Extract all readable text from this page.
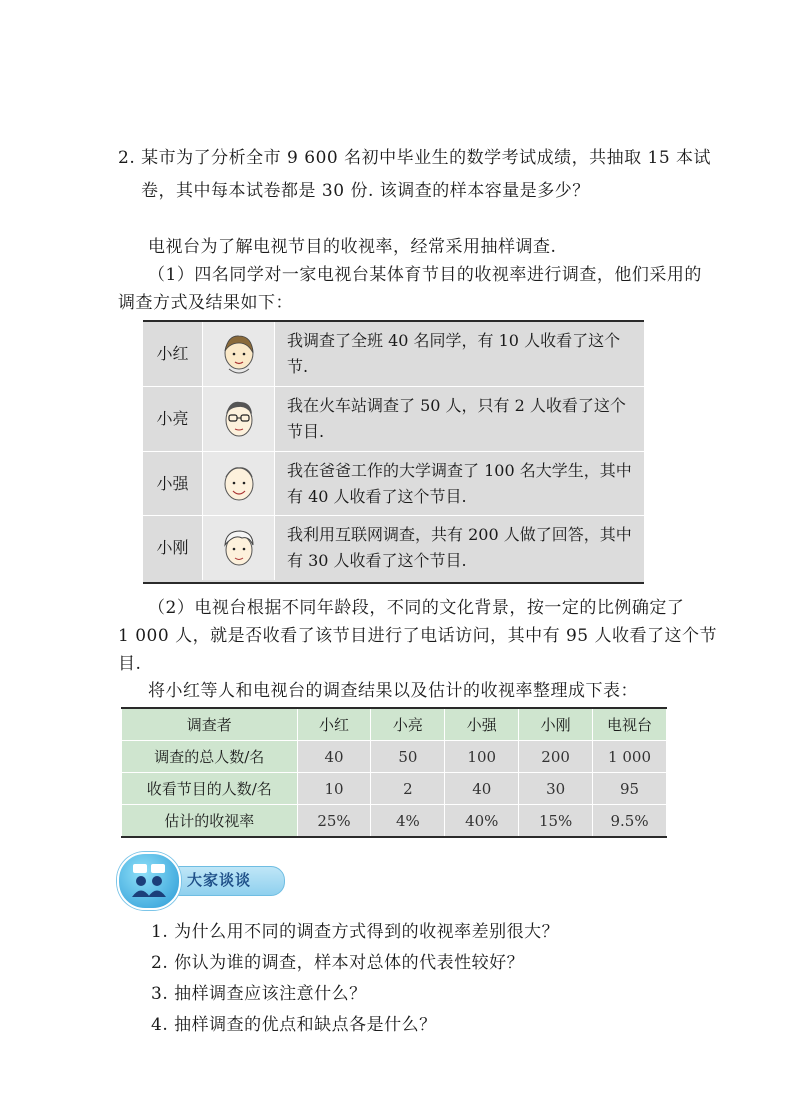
2. 某市为了分析全市 9 600 名初中毕业生的数学考试成绩，共抽取 15 本试
卷，其中每本试卷都是 30 份. 该调查的样本容量是多少？
电视台为了解电视节目的收视率，经常采用抽样调查.
（1）四名同学对一家电视台某体育节目的收视率进行调查，他们采用的
调查方式及结果如下：
小红
我调查了全班 40 名同学，有 10 人收看了这个节.
小亮
我在火车站调查了 50 人，只有 2 人收看了这个节目.
小强
我在爸爸工作的大学调查了 100 名大学生，其中有 40 人收看了这个节目.
小刚
我利用互联网调查，共有 200 人做了回答，其中有 30 人收看了这个节目.
（2）电视台根据不同年龄段，不同的文化背景，按一定的比例确定了
1 000 人，就是否收看了该节目进行了电话访问，其中有 95 人收看了这个节
目.
将小红等人和电视台的调查结果以及估计的收视率整理成下表：
调查者	小红	小亮	小强	小刚	电视台
调查的总人数/名	40	50	100	200	1 000
收看节目的人数/名	10	2	40	30	95
估计的收视率	25%	4%	40%	15%	9.5%
大家谈谈
1. 为什么用不同的调查方式得到的收视率差别很大？
2. 你认为谁的调查，样本对总体的代表性较好？
3. 抽样调查应该注意什么？
4. 抽样调查的优点和缺点各是什么？
